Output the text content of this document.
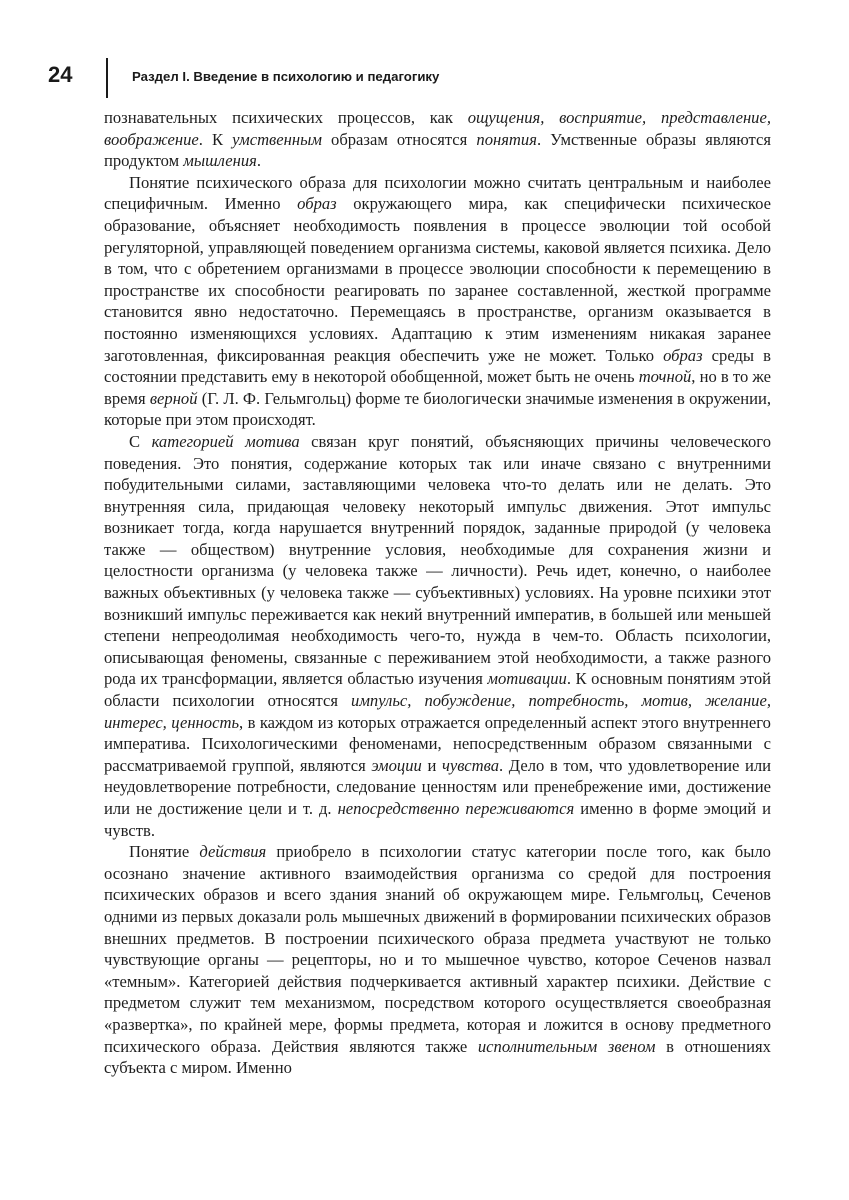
24	Раздел I. Введение в психологию и педагогику

познавательных психических процессов, как ощущения, восприятие, представление, воображение. К умственным образам относятся понятия. Умственные образы являются продуктом мышления.

Понятие психического образа для психологии можно считать центральным и наиболее специфичным. Именно образ окружающего мира, как специфически психическое образование, объясняет необходимость появления в процессе эволюции той особой регуляторной, управляющей поведением организма системы, каковой является психика. Дело в том, что с обретением организмами в процессе эволюции способности к перемещению в пространстве их способности реагировать по заранее составленной, жесткой программе становится явно недостаточно. Перемещаясь в пространстве, организм оказывается в постоянно изменяющихся условиях. Адаптацию к этим изменениям никакая заранее заготовленная, фиксированная реакция обеспечить уже не может. Только образ среды в состоянии представить ему в некоторой обобщенной, может быть не очень точной, но в то же время верной (Г. Л. Ф. Гельмгольц) форме те биологически значимые изменения в окружении, которые при этом происходят.

С категорией мотива связан круг понятий, объясняющих причины человеческого поведения. Это понятия, содержание которых так или иначе связано с внутренними побудительными силами, заставляющими человека что-то делать или не делать. Это внутренняя сила, придающая человеку некоторый импульс движения. Этот импульс возникает тогда, когда нарушается внутренний порядок, заданные природой (у человека также — обществом) внутренние условия, необходимые для сохранения жизни и целостности организма (у человека также — личности). Речь идет, конечно, о наиболее важных объективных (у человека также — субъективных) условиях. На уровне психики этот возникший импульс переживается как некий внутренний императив, в большей или меньшей степени непреодолимая необходимость чего-то, нужда в чем-то. Область психологии, описывающая феномены, связанные с переживанием этой необходимости, а также разного рода их трансформации, является областью изучения мотивации. К основным понятиям этой области психологии относятся импульс, побуждение, потребность, мотив, желание, интерес, ценность, в каждом из которых отражается определенный аспект этого внутреннего императива. Психологическими феноменами, непосредственным образом связанными с рассматриваемой группой, являются эмоции и чувства. Дело в том, что удовлетворение или неудовлетворение потребности, следование ценностям или пренебрежение ими, достижение или не достижение цели и т. д. непосредственно переживаются именно в форме эмоций и чувств.

Понятие действия приобрело в психологии статус категории после того, как было осознано значение активного взаимодействия организма со средой для построения психических образов и всего здания знаний об окружающем мире. Гельмгольц, Сеченов одними из первых доказали роль мышечных движений в формировании психических образов внешних предметов. В построении психического образа предмета участвуют не только чувствующие органы — рецепторы, но и то мышечное чувство, которое Сеченов назвал «темным». Категорией действия подчеркивается активный характер психики. Действие с предметом служит тем механизмом, посредством которого осуществляется своеобразная «развертка», по крайней мере, формы предмета, которая и ложится в основу предметного психического образа. Действия являются также исполнительным звеном в отношениях субъекта с миром. Именно
